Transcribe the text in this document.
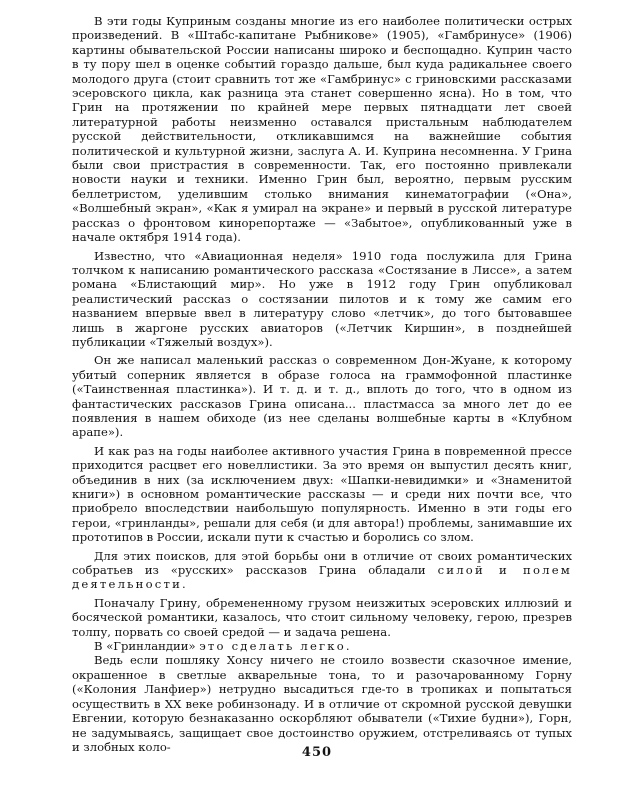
В эти годы Куприным созданы многие из его наиболее политически острых произведений. В «Штабс-капитане Рыбникове» (1905), «Гамбринусе» (1906) картины обывательской России написаны широко и беспощадно. Куприн часто в ту пору шел в оценке событий гораздо дальше, был куда радикальнее своего молодого друга (стоит сравнить тот же «Гамбринус» с гриновскими рассказами эсеровского цикла, как разница эта станет совершенно ясна). Но в том, что Грин на протяжении по крайней мере первых пятнадцати лет своей литературной работы неизменно оставался пристальным наблюдателем русской действительности, откликавшимся на важнейшие события политической и культурной жизни, заслуга А. И. Куприна несомненна. У Грина были свои пристрастия в современности. Так, его постоянно привлекали новости науки и техники. Именно Грин был, вероятно, первым русским беллетристом, уделившим столько внимания кинематографии («Она», «Волшебный экран», «Как я умирал на экране» и первый в русской литературе рассказ о фронтовом кинорепортаже — «Забытое», опубликованный уже в начале октября 1914 года).

Известно, что «Авиационная неделя» 1910 года послужила для Грина толчком к написанию романтического рассказа «Состязание в Лиссе», а затем романа «Блистающий мир». Но уже в 1912 году Грин опубликовал реалистический рассказ о состязании пилотов и к тому же самим его названием впервые ввел в литературу слово «летчик», до того бытовавшее лишь в жаргоне русских авиаторов («Летчик Киршин», в позднейшей публикации «Тяжелый воздух»).

Он же написал маленький рассказ о современном Дон-Жуане, к которому убитый соперник является в образе голоса на граммофонной пластинке («Таинственная пластинка»). И т. д. и т. д., вплоть до того, что в одном из фантастических рассказов Грина описана... пластмасса за много лет до ее появления в нашем обиходе (из нее сделаны волшебные карты в «Клубном арапе»).

И как раз на годы наиболее активного участия Грина в повременной прессе приходится расцвет его новеллистики. За это время он выпустил десять книг, объединив в них (за исключением двух: «Шапки-невидимки» и «Знаменитой книги») в основном романтические рассказы — и среди них почти все, что приобрело впоследствии наибольшую популярность. Именно в эти годы его герои, «гринланды», решали для себя (и для автора!) проблемы, занимавшие их прототипов в России, искали пути к счастью и боролись со злом.

Для этих поисков, для этой борьбы они в отличие от своих романтических собратьев из «русских» рассказов Грина обладали силой и полем деятельности.

Поначалу Грину, обремененному грузом неизжитых эсеровских иллюзий и босяческой романтики, казалось, что стоит сильному человеку, герою, презрев толпу, порвать со своей средой — и задача решена.

В «Гринландии» это сделать легко.

Ведь если пошляку Хонсу ничего не стоило возвести сказочное имение, окрашенное в светлые акварельные тона, то и разочарованному Горну («Колония Ланфиер») нетрудно высадиться где-то в тропиках и попытаться осуществить в XX веке робинзонаду. И в отличие от скромной русской девушки Евгении, которую безнаказанно оскорбляют обыватели («Тихие будни»), Горн, не задумываясь, защищает свое достоинство оружием, отстреливаясь от тупых и злобных коло-	450
